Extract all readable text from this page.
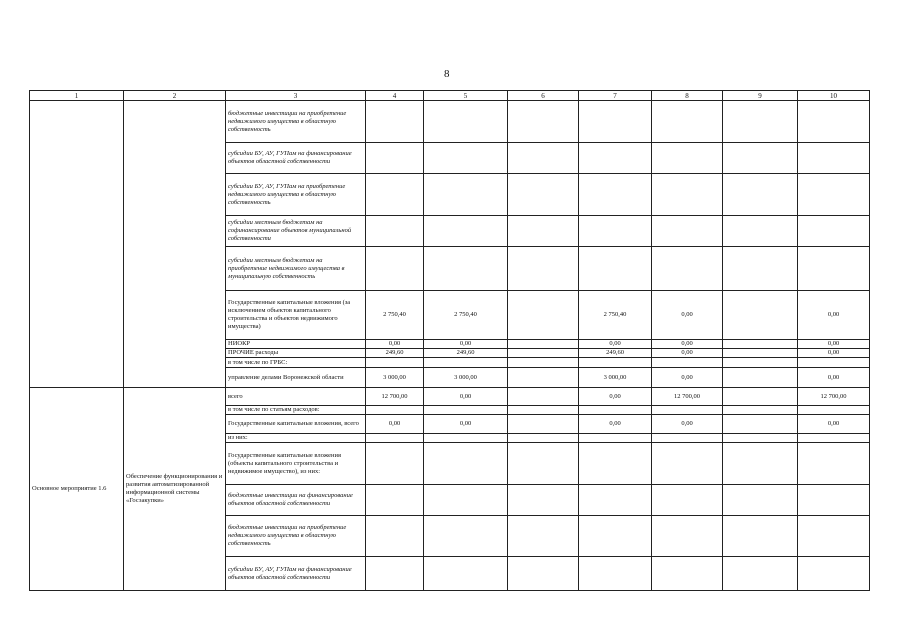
8
1	2	3	4	5	6	7	8	9	10
		бюджетные инвестиции на приобретение недвижимого имущества в областную собственность							
		субсидии БУ, АУ, ГУПам на финансирование объектов областной собственности							
		субсидии БУ, АУ, ГУПам на приобретение недвижимого имущества в областную собственность							
		субсидии местным бюджетам на софинансирование объектов муниципальной собственности							
		субсидии местным бюджетам на приобретение недвижимого имущества в муниципальную собственность							
		Государственные капитальные вложения (за исключением объектов капитального строительства и объектов недвижимого имущества)	2 750,40	2 750,40		2 750,40	0,00		0,00
		НИОКР	0,00	0,00		0,00	0,00		0,00
		ПРОЧИЕ расходы	249,60	249,60		249,60	0,00		0,00
		в том числе по ГРБС:							
		управление делами Воронежской области	3 000,00	3 000,00		3 000,00	0,00		0,00
Основное мероприятие 1.6	Обеспечение функционирования и развития автоматизированной информационной системы «Госзакупки»	всего	12 700,00	0,00		0,00	12 700,00		12 700,00
		в том числе по статьям расходов:							
		Государственные капитальные вложения, всего	0,00	0,00		0,00	0,00		0,00
		из них:							
		Государственные капитальные вложения (объекты капитального строительства и недвижимое имущество), из них:							
		бюджетные инвестиции на финансирование объектов областной собственности							
		бюджетные инвестиции на приобретение недвижимого имущества в областную собственность							
		субсидии БУ, АУ, ГУПам на финансирование объектов областной собственности							
